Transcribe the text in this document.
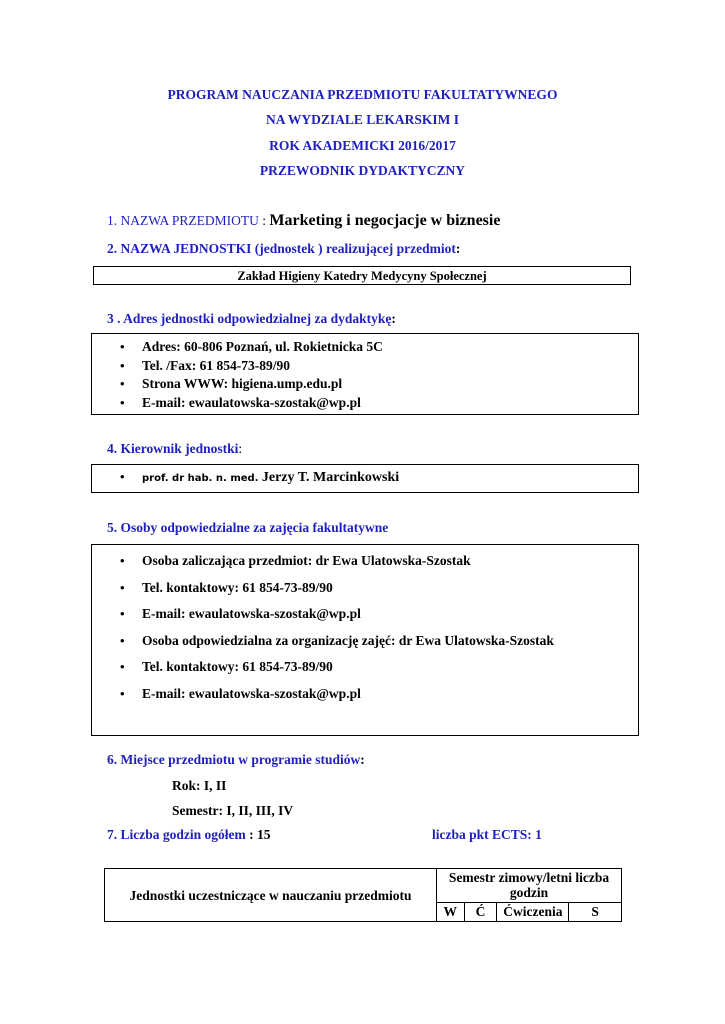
PROGRAM NAUCZANIA PRZEDMIOTU FAKULTATYWNEGO
NA WYDZIALE LEKARSKIM I
ROK AKADEMICKI 2016/2017
PRZEWODNIK DYDAKTYCZNY
1. NAZWA PRZEDMIOTU : Marketing i negocjacje w biznesie
2. NAZWA JEDNOSTKI (jednostek ) realizującej przedmiot:
Zakład Higieny Katedry Medycyny Społecznej
3 . Adres jednostki odpowiedzialnej za dydaktykę:
• Adres: 60-806 Poznań, ul. Rokietnicka 5C
• Tel. /Fax: 61 854-73-89/90
• Strona WWW: higiena.ump.edu.pl
• E-mail: ewaulatowska-szostak@wp.pl
4. Kierownik jednostki:
• prof. dr hab. n. med. Jerzy T. Marcinkowski
5. Osoby odpowiedzialne za zajęcia fakultatywne
• Osoba zaliczająca przedmiot: dr Ewa Ulatowska-Szostak
• Tel. kontaktowy: 61 854-73-89/90
• E-mail: ewaulatowska-szostak@wp.pl
• Osoba odpowiedzialna za organizację zajęć: dr Ewa Ulatowska-Szostak
• Tel. kontaktowy: 61 854-73-89/90
• E-mail: ewaulatowska-szostak@wp.pl
6. Miejsce przedmiotu w programie studiów:
Rok: I, II
Semestr: I, II, III, IV
7. Liczba godzin ogółem : 15	liczba pkt ECTS: 1
Jednostki uczestniczące w nauczaniu przedmiotu	Semestr zimowy/letni liczba godzin			
	W	Ć	Ćwiczenia	S
